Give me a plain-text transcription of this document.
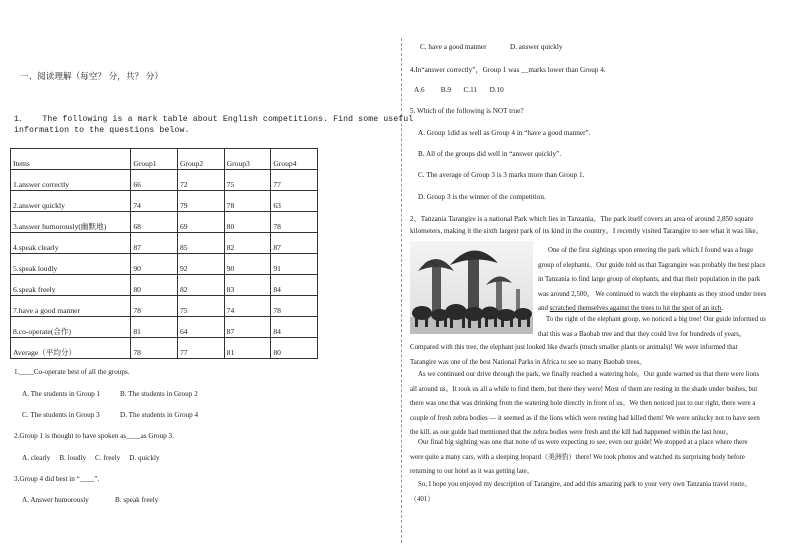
一、阅读理解（每空？ 分，共？ 分）
1．   The following is a mark table about English competitions. Find some useful
information to the questions below.
Items	Group1	Group2	Group3	Group4
1.answer correctly	66	72	75	77
2.answer quickly	74	79	78	63
3.answer humorously(幽默地)	68	69	80	78
4.speak clearly	87	85	82	87
5.speak loudly	90	92	90	91
6.speak freely	80	82	83	84
7.have a good manner	78	75	74	78
8.co-operate(合作)	81	64	87	84
Average（平均分）	78	77	81	80
1.____Co-operate best of all the groups.
A. The students in Group 1	B. The students in Group 2
C. The students in Group 3	D. The students in Group 4
2.Group 1 is thought to have spoken as____as Group 3.
A. clearly     B. loudly     C. freely     D. quickly
3.Group 4 did best in “____”.
A. Answer humorously	B. speak freely
C. have a good manner	D. answer quickly
4.In“answer correctly”，Group 1 was __marks lower than Group 4.
A.6         B.9       C.11       D.10
5. Which of the following is NOT true?
A. Group 1did as well as Group 4 in “have a good manner”.
B. All of the groups did well in “answer quickly”.
C. The average of Group 3 is 3 marks more than Group 1.
D. Group 3 is the winner of the competition.
2、Tanzania Tarangire is a national Park which lies in Tanzania。The park itself covers an area of around 2,850 square
kilometers, making it the sixth largest park of its kind in the country。I recently visited Tarangire to see what it was like。

One of the first sightings upon entering the park which I found was a huge

group of elephants。Our guide told us that Tagrangire was probably the best place

in Tanzania to find large group of elephants, and that their population in the park

was around 2,500。 We continued to watch the elephants as they stood under trees

and scratched themselves against the trees to hit the spot of an itch.

To the right of the elephant group, we noticed a big tree! Our guide informed us

that this was a Baobab tree and that they could live for hundreds of years。

Compared with this tree, the elephant just looked like dwarfs (much smaller plants or animals)! We were informed that

Tarangire was one of the best National Parks in Africa to see so many Baobab trees。

As we continued our drive through the park, we finally reached a watering hole。Our guide warned us that there were lions

all around us。It took us all a while to find them, but there they were! Most of them are resting in the shade under bushes, but

there was one that was drinking from the watering hole directly in front of us。We then noticed just to our right, there were a

couple of fresh zebra bodies — it seemed as if the lions which were resting had killed them! We were unlucky not to have seen

the kill, as our guide had mentioned that the zebra bodies were fresh and the kill had happened within the last hour。

Our final big sighting was one that none of us were expecting to see, even our guide! We stopped at a place where there

were quite a many cars, with a sleeping leopard（美洲豹）there! We took photos and watched its surprising body before

returning to our hotel as it was getting late。

So, I hope you enjoyed my description of Tarangire, and add this amazing park to your very own Tanzania travel route。

（401）
